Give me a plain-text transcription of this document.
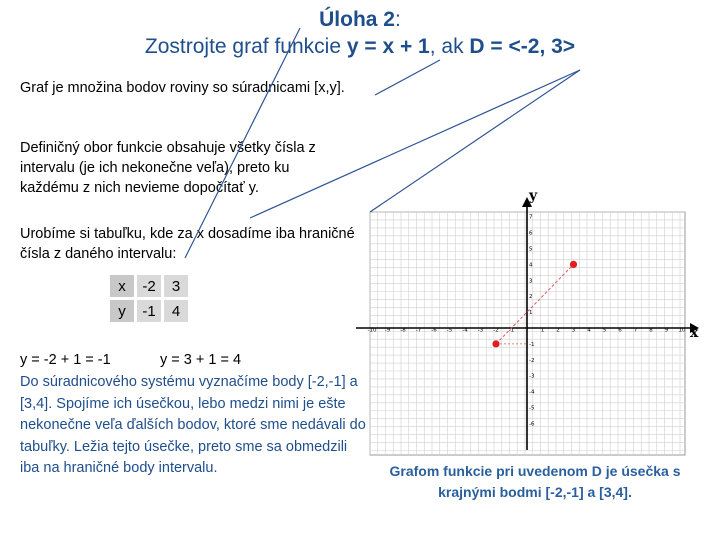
Úloha 2:
Zostrojte graf funkcie y = x + 1, ak D = <-2, 3>

Graf je množina bodov roviny so súradnicami [x,y].

Definičný obor funkcie obsahuje všetky čísla z intervalu (je ich nekonečne veľa), preto ku každému z nich nevieme dopočítať y.

Urobíme si tabuľku, kde za x dosadíme iba hraničné čísla z daného intervalu:

x	-2	3
y	-1	4
y = -2 + 1 = -1	y = 3 + 1 = 4

Do súradnicového systému vyznačíme body [-2,-1] a [3,4]. Spojíme ich úsečkou, lebo medzi nimi je ešte nekonečne veľa ďalších bodov, ktoré sme nedávali do tabuľky. Ležia tejto úsečke, preto sme sa obmedzili iba na hraničné body intervalu.	Grafom funkcie pri uvedenom D je úsečka s krajnými bodmi [-2,-1] a [3,4].
x
y
-10 -9 -8 -7 -6 -5 -4 -3 -2 -1	1 2 3 4 5 6 7 8 9 10
7
6
5
4
3
2
1
-1
-2
-3
-4
-5
-6
